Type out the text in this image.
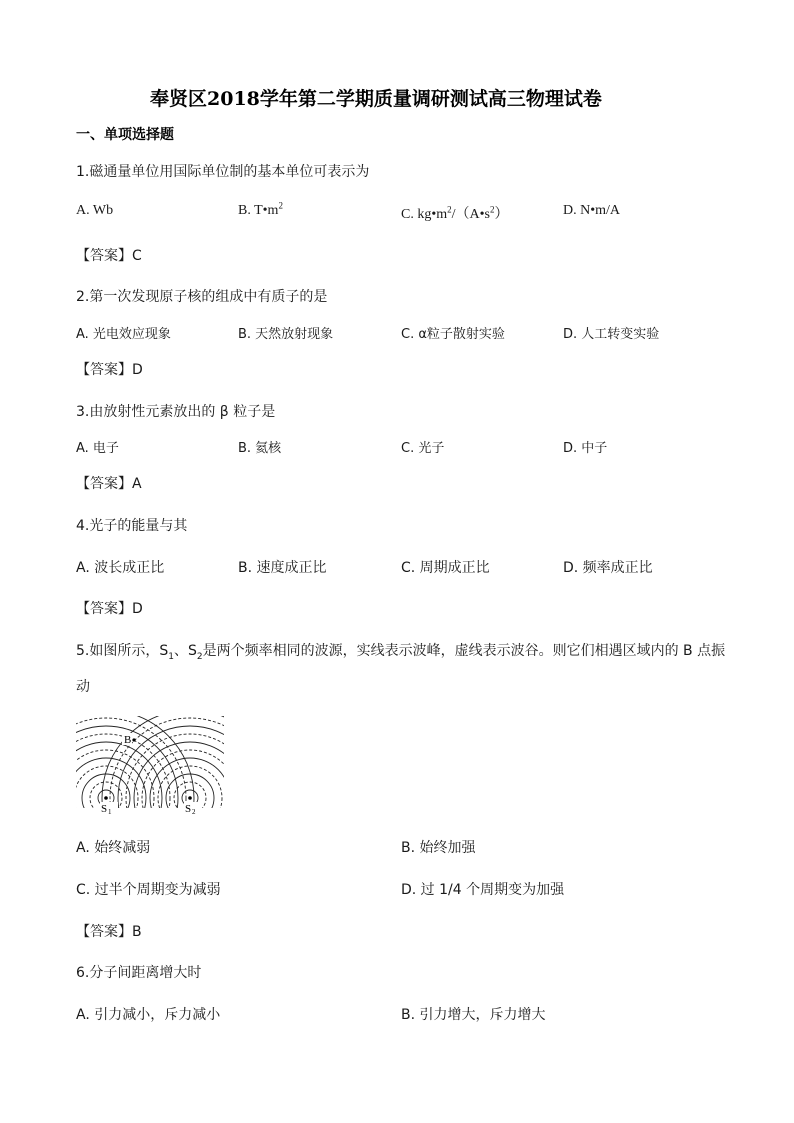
奉贤区2018学年第二学期质量调研测试高三物理试卷
一、单项选择题
1.磁通量单位用国际单位制的基本单位可表示为
A. Wb	B. $T•m^2$
C. $kg•m^2/(A•s^2)$	D. N•m/A
【答案】C
2.第一次发现原子核的组成中有质子的是
A. 光电效应现象	B. 天然放射现象	C. α粒子散射实验	D. 人工转变实验
【答案】D
3.由放射性元素放出的 β 粒子是
A. 电子	B. 氦核	C. 光子	D. 中子
【答案】A
4.光子的能量与其
A. 波长成正比	B. 速度成正比	C. 周期成正比	D. 频率成正比
【答案】D
5.如图所示，$S_1$、$S_2$是两个频率相同的波源，实线表示波峰，虚线表示波谷。则它们相遇区域内的 B 点振
动
B
S 1	S 2
A. 始终减弱	B. 始终加强
C. 过半个周期变为减弱	D. 过 1/4 个周期变为加强
【答案】B
6.分子间距离增大时
A. 引力减小，斥力减小	B. 引力增大，斥力增大
